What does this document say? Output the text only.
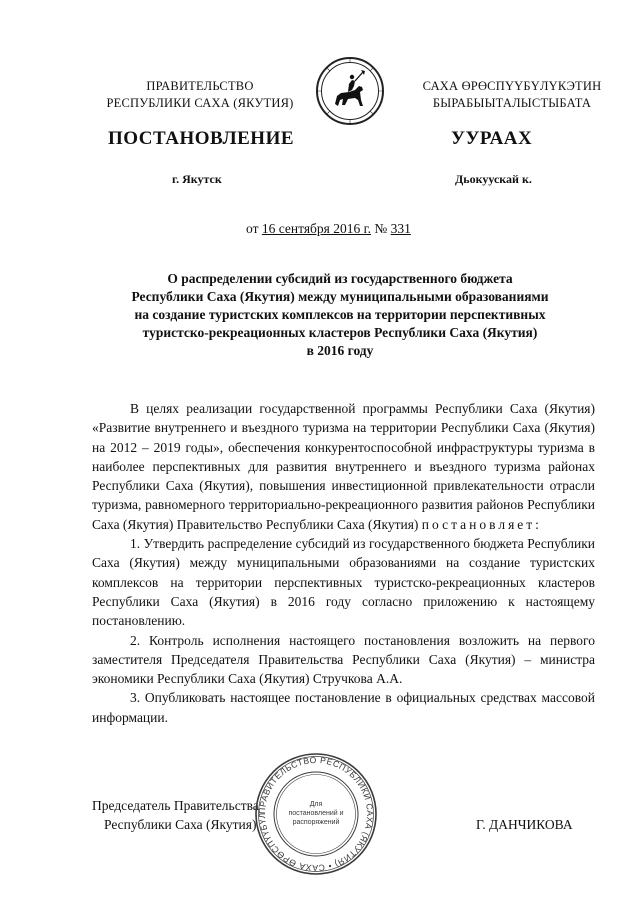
ПРАВИТЕЛЬСТВО
РЕСПУБЛИКИ САХА (ЯКУТИЯ)
САХА ӨРӨСПҮҮБҮЛҮКЭТИН
БЫРАБЫЫТАЛЫСТЫБАТА
ПОСТАНОВЛЕНИЕ	УУРААХ
г. Якутск	Дьокуускай к.
от 16 сентября 2016 г. № 331
О распределении субсидий из государственного бюджета
Республики Саха (Якутия) между муниципальными образованиями
на создание туристских комплексов на территории перспективных
туристско-рекреационных кластеров Республики Саха (Якутия)
в 2016 году

В целях реализации государственной программы Республики Саха (Якутия) «Развитие внутреннего и въездного туризма на территории Республики Саха (Якутия) на 2012 – 2019 годы», обеспечения конкурентоспособной инфраструктуры туризма в наиболее перспективных для развития внутреннего и въездного туризма районах Республики Саха (Якутия), повышения инвестиционной привлекательности отрасли туризма, равномерного территориально-рекреационного развития районов Республики Саха (Якутия) Правительство Республики Саха (Якутия) постановляет:

1. Утвердить распределение субсидий из государственного бюджета Республики Саха (Якутия) между муниципальными образованиями на создание туристских комплексов на территории перспективных туристско-рекреационных кластеров Республики Саха (Якутия) в 2016 году согласно приложению к настоящему постановлению.

2. Контроль исполнения настоящего постановления возложить на первого заместителя Председателя Правительства Республики Саха (Якутия) – министра экономики Республики Саха (Якутия) Стручкова А.А.

3. Опубликовать настоящее постановление в официальных средствах массовой информации.

Председатель Правительства
Республики Саха (Якутия)	Г. ДАНЧИКОВА
ПРАВИТЕЛЬСТВО РЕСПУБЛИКИ САХА (ЯКУТИЯ) • САХА ӨРӨСПҮҮБҮЛ
Для
постановлений и
распоряжений
